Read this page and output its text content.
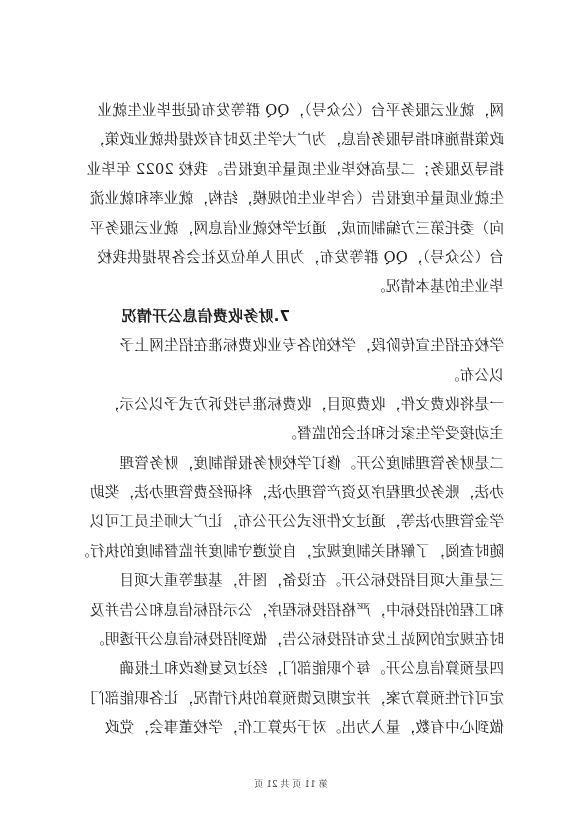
网，就业云服务平台（公众号），QQ 群等发布促进毕业生就业
政策措施和指导服务信息，为广大学生及时有效提供就业政策，
指导及服务；二是高校毕业生质量年度报告。我校 2022 年毕业
生就业质量年度报告（含毕业生的规模，结构，就业率和就业流
向）委托第三方编制而成，通过学校就业信息网，就业云服务平
台（公众号），QQ 群等发布，为用人单位及社会各界提供我校
毕业生的基本情况。
7.财务收费信息公开情况
学校在招生宣传阶段，学校的各专业收费标准在招生网上予
以公布。
一是将收费文件，收费项目，收费标准与投诉方式予以公示，
主动接受学生家长和社会的监督。
二是财务管理制度公开。修订学校财务报销制度，财务管理
办法，账务处理程序及资产管理办法，科研经费管理办法，奖助
学金管理办法等，通过文件形式公开公布，让广大师生员工可以
随时查阅，了解相关制度规定，自觉遵守制度并监督制度的执行。
三是重大项目招投标公开。在设备，图书，基建等重大项目
和工程的招投标中，严格招投标程序，公示招标信息和公告并及
时在规定的网站上发布招投标公告，做到招投标信息公开透明。
四是预算信息公开。每个职能部门，经过反复修改和上报确
定可行性预算方案，并定期反馈预算的执行情况，让各职能部门
做到心中有数，量入为出。对于决算工作，学校董事会，党政
第 11 页 共 21 页
